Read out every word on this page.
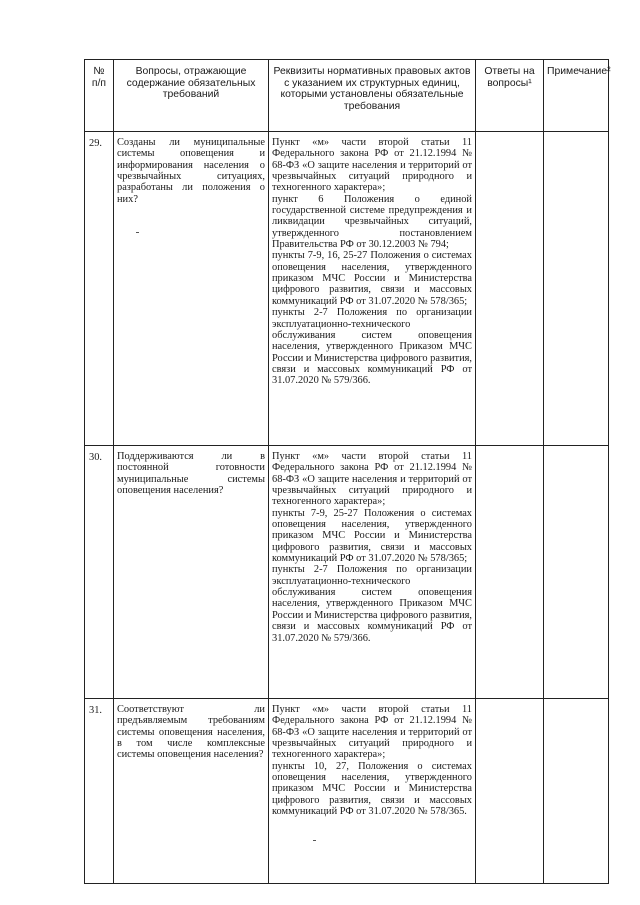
№ п/п	Вопросы, отражающие содержание обязательных требований	Реквизиты нормативных правовых актов с указанием их структурных единиц, которыми установлены обязательные требования	Ответы на вопросы¹	Примечание²

29.	Созданы ли муниципальные системы оповещения и информирования населения о чрезвычайных ситуациях, разработаны ли положения о них?	Пункт «м» части второй статьи 11 Федерального закона РФ от 21.12.1994 № 68-ФЗ «О защите населения и территорий от чрезвычайных ситуаций природного и техногенного характера»;

пункт 6 Положения о единой государственной системе предупреждения и ликвидации чрезвычайных ситуаций, утвержденного постановлением Правительства РФ от 30.12.2003 № 794;

пункты 7-9, 16, 25-27 Положения о системах оповещения населения, утвержденного приказом МЧС России и Министерства цифрового развития, связи и массовых коммуникаций РФ от 31.07.2020 № 578/365;

пункты 2-7 Положения по организации эксплуатационно-технического обслуживания систем оповещения населения, утвержденного Приказом МЧС России и Министерства цифрового развития, связи и массовых коммуникаций РФ от 31.07.2020 № 579/366.		

30.	Поддерживаются ли в постоянной готовности муниципальные системы оповещения населения?	Пункт «м» части второй статьи 11 Федерального закона РФ от 21.12.1994 № 68-ФЗ «О защите населения и территорий от чрезвычайных ситуаций природного и техногенного характера»;

пункты 7-9, 25-27 Положения о системах оповещения населения, утвержденного приказом МЧС России и Министерства цифрового развития, связи и массовых коммуникаций РФ от 31.07.2020 № 578/365;

пункты 2-7 Положения по организации эксплуатационно-технического обслуживания систем оповещения населения, утвержденного Приказом МЧС России и Министерства цифрового развития, связи и массовых коммуникаций РФ от 31.07.2020 № 579/366.		

31.	Соответствуют ли предъявляемым требованиям системы оповещения населения, в том числе комплексные системы оповещения населения?	Пункт «м» части второй статьи 11 Федерального закона РФ от 21.12.1994 № 68-ФЗ «О защите населения и территорий от чрезвычайных ситуаций природного и техногенного характера»;

пункты 10, 27, Положения о системах оповещения населения, утвержденного приказом МЧС России и Министерства цифрового развития, связи и массовых коммуникаций РФ от 31.07.2020 № 578/365.		
